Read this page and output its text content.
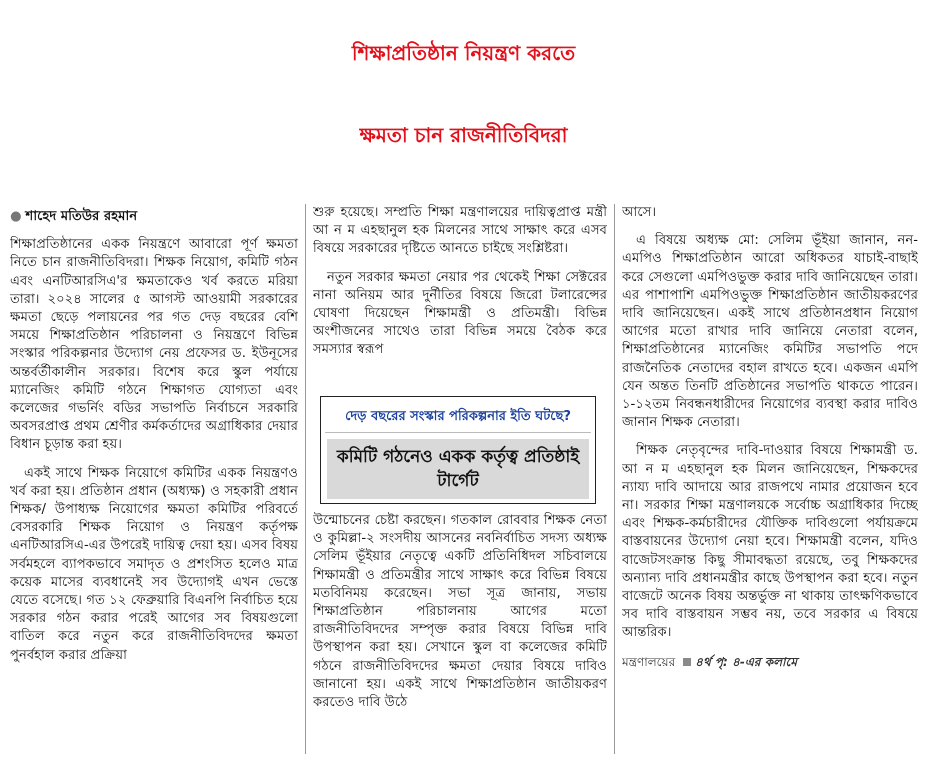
শিক্ষাপ্রতিষ্ঠান নিয়ন্ত্রণ করতে
ক্ষমতা চান রাজনীতিবিদরা
● শাহেদ মতিউর রহমান

শিক্ষাপ্রতিষ্ঠানের একক নিয়ন্ত্রণে আবারো পূর্ণ ক্ষমতা নিতে চান রাজনীতিবিদরা। শিক্ষক নিয়োগ, কমিটি গঠন এবং এনটিআরসিএ'র ক্ষমতাকেও খর্ব করতে মরিয়া তারা। ২০২৪ সালের ৫ আগস্ট আওয়ামী সরকারের ক্ষমতা ছেড়ে পলায়নের পর গত দেড় বছরের বেশি সময়ে শিক্ষাপ্রতিষ্ঠান পরিচালনা ও নিয়ন্ত্রণে বিভিন্ন সংস্কার পরিকল্পনার উদ্যোগ নেয় প্রফেসর ড. ইউনূসের অন্তর্বর্তীকালীন সরকার। বিশেষ করে স্কুল পর্যায়ে ম্যানেজিং কমিটি গঠনে শিক্ষাগত যোগ্যতা এবং কলেজের গভর্নিং বডির সভাপতি নির্বাচনে সরকারি অবসরপ্রাপ্ত প্রথম শ্রেণীর কর্মকর্তাদের অগ্রাধিকার দেয়ার বিধান চূড়ান্ত করা হয়।

একই সাথে শিক্ষক নিয়োগে কমিটির একক নিয়ন্ত্রণও খর্ব করা হয়। প্রতিষ্ঠান প্রধান (অধ্যক্ষ) ও সহকারী প্রধান শিক্ষক/ উপাধ্যক্ষ নিয়োগের ক্ষমতা কমিটির পরিবর্তে বেসরকারি শিক্ষক নিয়োগ ও নিয়ন্ত্রণ কর্তৃপক্ষ এনটিআরসিএ-এর উপরেই দায়িত্ব দেয়া হয়। এসব বিষয় সর্বমহলে ব্যাপকভাবে সমাদৃত ও প্রশংসিত হলেও মাত্র কয়েক মাসের ব্যবধানেই সব উদ্যোগই এখন ভেস্তে যেতে বসেছে। গত ১২ ফেব্রুয়ারি বিএনপি নির্বাচিত হয়ে সরকার গঠন করার পরেই আগের সব বিষয়গুলো বাতিল করে নতুন করে রাজনীতিবিদদের ক্ষমতা পুনর্বহাল করার প্রক্রিয়া

শুরু হয়েছে। সম্প্রতি শিক্ষা মন্ত্রণালয়ের দায়িত্বপ্রাপ্ত মন্ত্রী আ ন ম এহছানুল হক মিলনের সাথে সাক্ষাৎ করে এসব বিষয়ে সরকারের দৃষ্টিতে আনতে চাইছে সংশ্লিষ্টরা।

নতুন সরকার ক্ষমতা নেয়ার পর থেকেই শিক্ষা সেক্টরের নানা অনিয়ম আর দুর্নীতির বিষয়ে জিরো টলারেন্সের ঘোষণা দিয়েছেন শিক্ষামন্ত্রী ও প্রতিমন্ত্রী। বিভিন্ন অংশীজনের সাথেও তারা বিভিন্ন সময়ে বৈঠক করে সমস্যার স্বরূপ

দেড় বছরের সংস্কার পরিকল্পনার ইতি ঘটছে?
কমিটি গঠনেও একক কর্তৃত্ব প্রতিষ্ঠাই টার্গেট

উন্মোচনের চেষ্টা করছেন। গতকাল রোববার শিক্ষক নেতা ও কুমিল্লা-২ সংসদীয় আসনের নবনির্বাচিত সদস্য অধ্যক্ষ সেলিম ভূঁইয়ার নেতৃত্বে একটি প্রতিনিধিদল সচিবালয়ে শিক্ষামন্ত্রী ও প্রতিমন্ত্রীর সাথে সাক্ষাৎ করে বিভিন্ন বিষয়ে মতবিনিময় করেছেন। সভা সূত্র জানায়, সভায় শিক্ষাপ্রতিষ্ঠান পরিচালনায় আগের মতো রাজনীতিবিদদের সম্পৃক্ত করার বিষয়ে বিভিন্ন দাবি উপস্থাপন করা হয়। সেখানে স্কুল বা কলেজের কমিটি গঠনে রাজনীতিবিদদের ক্ষমতা দেয়ার বিষয়ে দাবিও জানানো হয়। একই সাথে শিক্ষাপ্রতিষ্ঠান জাতীয়করণ করতেও দাবি উঠে

আসে।

এ বিষয়ে অধ্যক্ষ মো: সেলিম ভূঁইয়া জানান, নন-এমপিও শিক্ষাপ্রতিষ্ঠান আরো অধিকতর যাচাই-বাছাই করে সেগুলো এমপিওভুক্ত করার দাবি জানিয়েছেন তারা। এর পাশাপাশি এমপিওভুক্ত শিক্ষাপ্রতিষ্ঠান জাতীয়করণের দাবি জানিয়েছেন। একই সাথে প্রতিষ্ঠানপ্রধান নিয়োগ আগের মতো রাখার দাবি জানিয়ে নেতারা বলেন, শিক্ষাপ্রতিষ্ঠানের ম্যানেজিং কমিটির সভাপতি পদে রাজনৈতিক নেতাদের বহাল রাখতে হবে। একজন এমপি যেন অন্তত তিনটি প্রতিষ্ঠানের সভাপতি থাকতে পারেন। ১-১২তম নিবন্ধনধারীদের নিয়োগের ব্যবস্থা করার দাবিও জানান শিক্ষক নেতারা।

শিক্ষক নেতৃবৃন্দের দাবি-দাওয়ার বিষয়ে শিক্ষামন্ত্রী ড. আ ন ম এহছানুল হক মিলন জানিয়েছেন, শিক্ষকদের ন্যায্য দাবি আদায়ে আর রাজপথে নামার প্রয়োজন হবে না। সরকার শিক্ষা মন্ত্রণালয়কে সর্বোচ্চ অগ্রাধিকার দিচ্ছে এবং শিক্ষক-কর্মচারীদের যৌক্তিক দাবিগুলো পর্যায়ক্রমে বাস্তবায়নের উদ্যোগ নেয়া হবে। শিক্ষামন্ত্রী বলেন, যদিও বাজেটসংক্রান্ত কিছু সীমাবদ্ধতা রয়েছে, তবু শিক্ষকদের অন্যান্য দাবি প্রধানমন্ত্রীর কাছে উপস্থাপন করা হবে। নতুন বাজেটে অনেক বিষয় অন্তর্ভুক্ত না থাকায় তাৎক্ষণিকভাবে সব দাবি বাস্তবায়ন সম্ভব নয়, তবে সরকার এ বিষয়ে আন্তরিক।

মন্ত্রণালয়ের ৪র্থ পৃ: ৪-এর কলামে
